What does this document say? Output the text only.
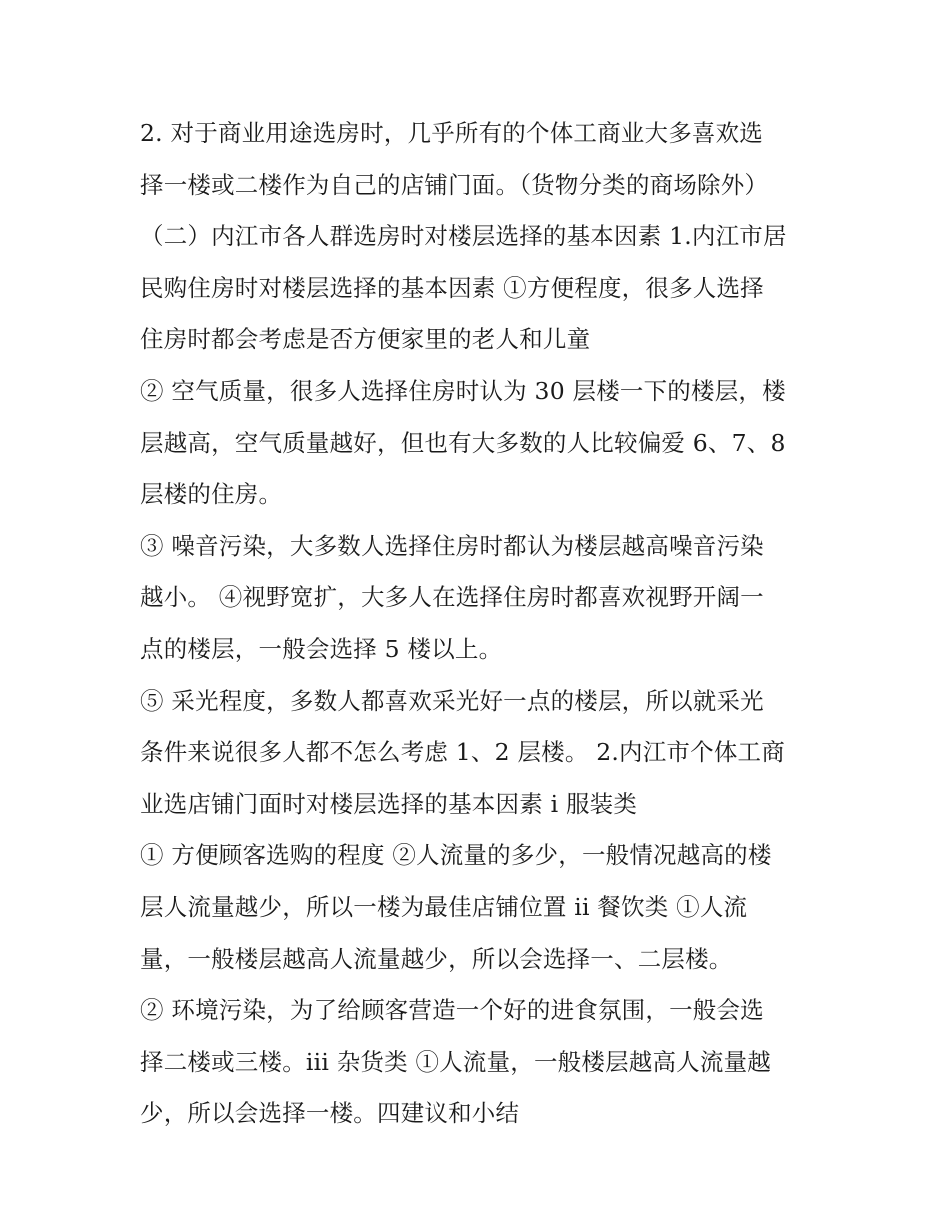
2. 对于商业用途选房时，几乎所有的个体工商业大多喜欢选
择一楼或二楼作为自己的店铺门面。（货物分类的商场除外）
（二）内江市各人群选房时对楼层选择的基本因素 1.内江市居
民购住房时对楼层选择的基本因素 ①方便程度，很多人选择
住房时都会考虑是否方便家里的老人和儿童
② 空气质量，很多人选择住房时认为 30 层楼一下的楼层，楼
层越高，空气质量越好，但也有大多数的人比较偏爱 6、7、8
层楼的住房。
③ 噪音污染，大多数人选择住房时都认为楼层越高噪音污染
越小。 ④视野宽扩，大多人在选择住房时都喜欢视野开阔一
点的楼层，一般会选择 5 楼以上。
⑤ 采光程度，多数人都喜欢采光好一点的楼层，所以就采光
条件来说很多人都不怎么考虑 1、2 层楼。 2.内江市个体工商
业选店铺门面时对楼层选择的基本因素 i 服装类
① 方便顾客选购的程度 ②人流量的多少，一般情况越高的楼
层人流量越少，所以一楼为最佳店铺位置 ii 餐饮类 ①人流
量，一般楼层越高人流量越少，所以会选择一、二层楼。
② 环境污染，为了给顾客营造一个好的进食氛围，一般会选
择二楼或三楼。iii 杂货类 ①人流量，一般楼层越高人流量越
少，所以会选择一楼。四建议和小结
